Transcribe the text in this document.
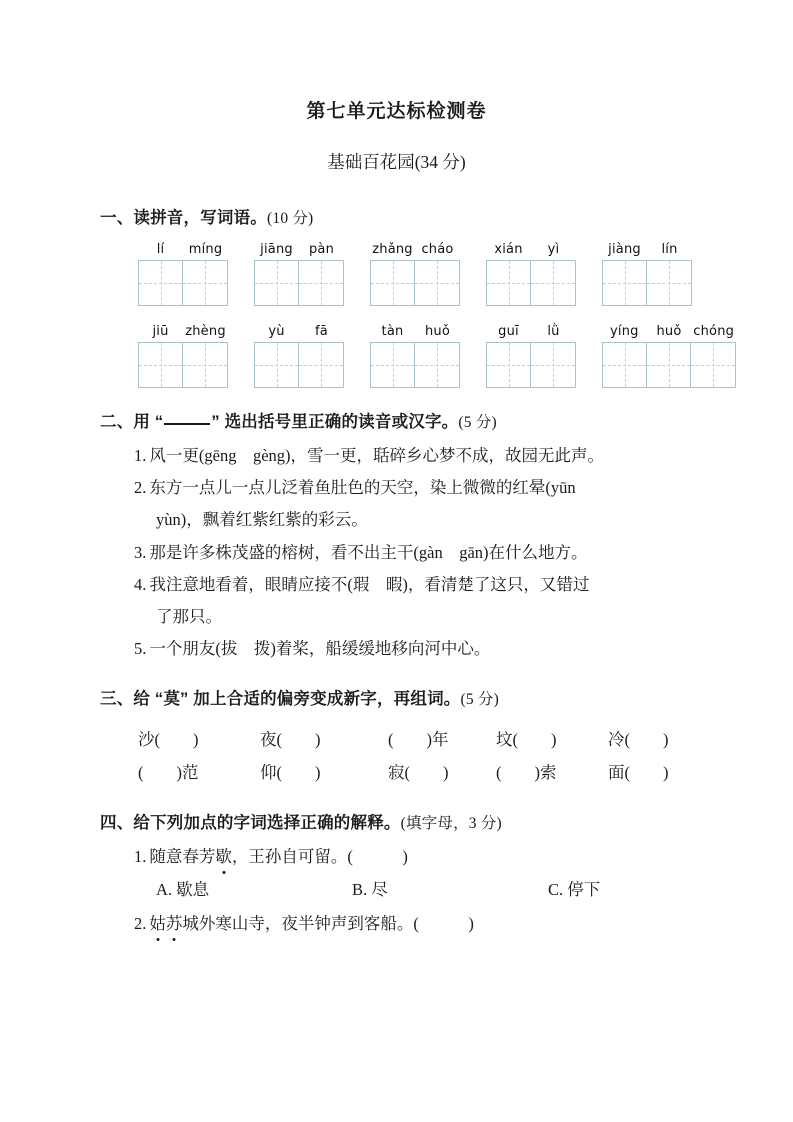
第七单元达标检测卷
基础百花园(34 分)
一、读拼音，写词语。(10 分)
lí	míng	jiāng	pàn	zhǎng cháo	xián	yì	jiàng	lín
jiū	zhèng	yù	fā	tàn	huǒ	guī	lǜ	yíng	huǒ chóng
二、用 “	” 选出括号里正确的读音或汉字。(5 分)
1. 风一更(gēng　gèng)，雪一更，聒碎乡心梦不成，故园无此声。
2. 东方一点儿一点儿泛着鱼肚色的天空，染上微微的红晕(yūn
yùn)，飘着红紫红紫的彩云。
3. 那是许多株茂盛的榕树，看不出主干(gàn　gān)在什么地方。
4. 我注意地看着，眼睛应接不(瑕　暇)，看清楚了这只，又错过
了那只。
5. 一个朋友(拔　拨)着桨，船缓缓地移向河中心。
三、给 “莫” 加上合适的偏旁变成新字，再组词。(5 分)
沙(　　)	夜(　　)	(　　)年	坟(　　)	冷(　　)
(　　)范	仰(　　)	寂(　　)	(　　)索	面(　　)
四、给下列加点的字词选择正确的解释。(填字母，3 分)
1. 随意春芳歇，王孙自可留。(　　　)
A. 歇息	B. 尽	C. 停下
2. 姑苏城外寒山寺，夜半钟声到客船。(　　　)
